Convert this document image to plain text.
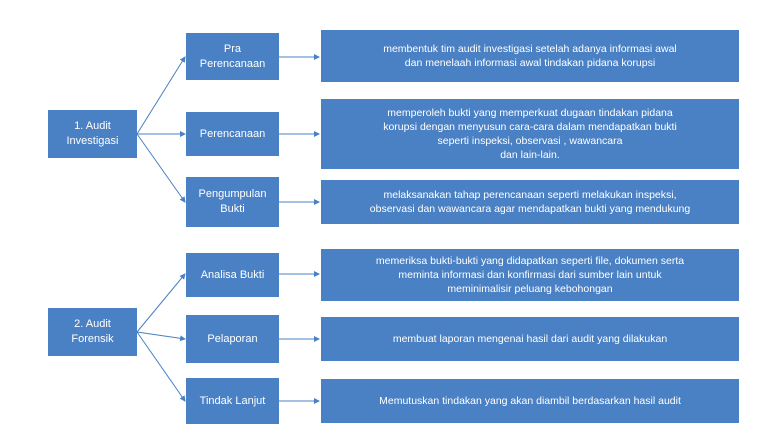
1. Audit
Investigasi
Pra
Perencanaan
membentuk tim audit investigasi setelah adanya informasi awal
dan menelaah informasi awal tindakan pidana korupsi
Perencanaan
memperoleh bukti yang memperkuat dugaan tindakan pidana
korupsi dengan menyusun cara-cara dalam mendapatkan bukti
seperti inspeksi, observasi , wawancara
dan lain-lain.
Pengumpulan
Bukti
melaksanakan tahap perencanaan seperti melakukan inspeksi,
observasi dan wawancara agar mendapatkan bukti yang mendukung
2. Audit
Forensik
Analisa Bukti
memeriksa bukti-bukti yang didapatkan seperti file, dokumen serta
meminta informasi dan konfirmasi dari sumber lain untuk
meminimalisir peluang kebohongan
Pelaporan	membuat laporan mengenai hasil dari audit yang dilakukan
Tindak Lanjut	Memutuskan tindakan yang akan diambil berdasarkan hasil audit
